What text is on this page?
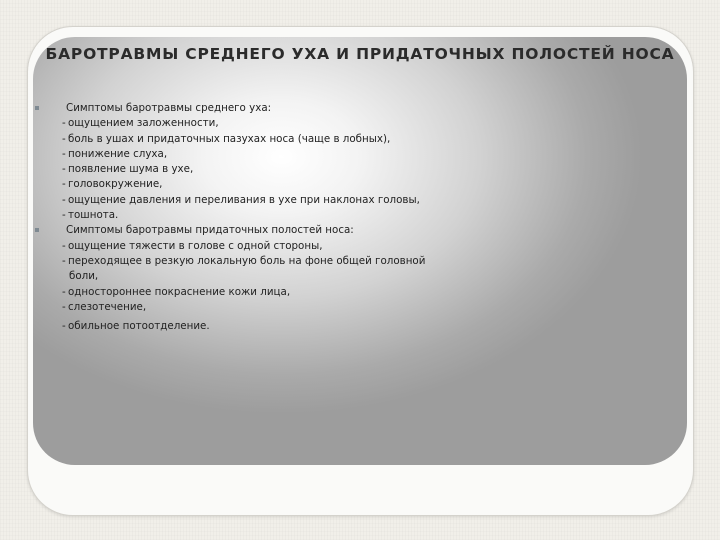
БАРОТРАВМЫ СРЕДНЕГО УХА И ПРИДАТОЧНЫХ ПОЛОСТЕЙ НОСА
Симптомы баротравмы среднего уха:
- ощущением заложенности,
- боль в ушах и придаточных пазухах носа (чаще в лобных),
- понижение слуха,
- появление шума в ухе,
- головокружение,
- ощущение давления и переливания в ухе при наклонах головы,
- тошнота.
Симптомы баротравмы придаточных полостей носа:
- ощущение тяжести в голове с одной стороны,
- переходящее в резкую локальную боль на фоне общей головной
боли,
- одностороннее покраснение кожи лица,
- слезотечение,
- обильное потоотделение.
